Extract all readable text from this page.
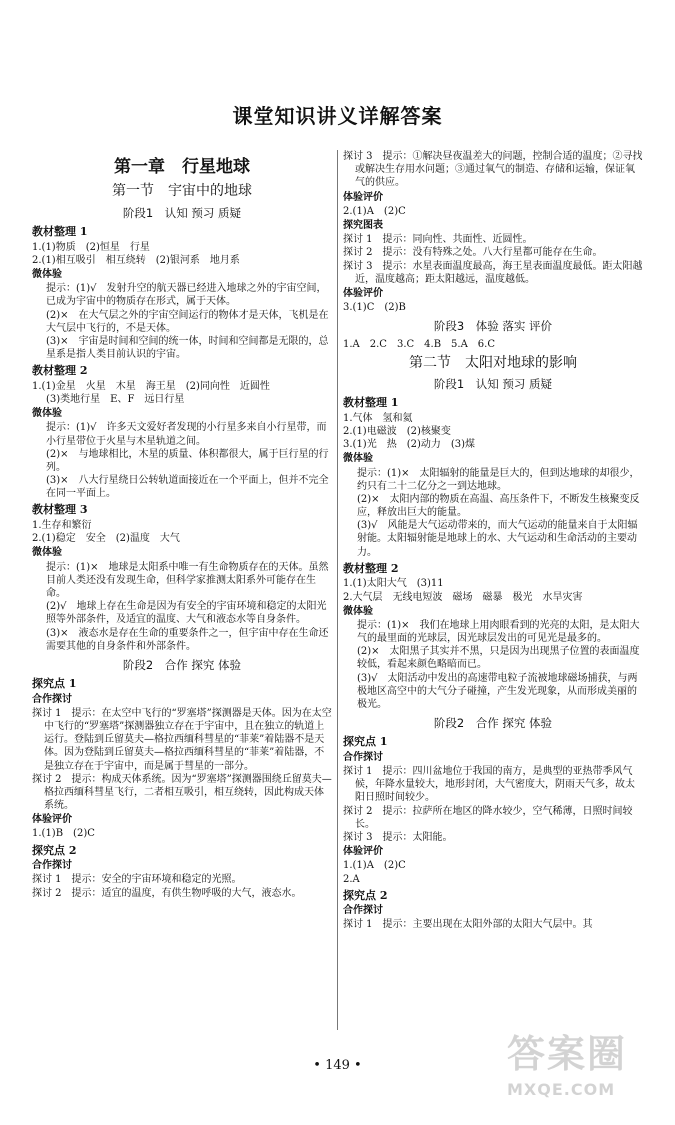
课堂知识讲义详解答案
第一章　行星地球
第一节　宇宙中的地球
阶段1　认知 预习 质疑
教材整理 1

1.(1)物质　(2)恒星　行星

2.(1)相互吸引　相互绕转　(2)银河系　地月系

微体验

提示：(1)√　发射升空的航天器已经进入地球之外的宇宙空间，已成为宇宙中的物质存在形式，属于天体。

(2)×　在大气层之外的宇宙空间运行的物体才是天体，飞机是在大气层中飞行的，不是天体。

(3)×　宇宙是时间和空间的统一体，时间和空间都是无限的，总星系是指人类目前认识的宇宙。

教材整理 2

1.(1)金星　火星　木星　海王星　(2)同向性　近圆性

(3)类地行星　E、F　远日行星

微体验

提示：(1)√　许多天文爱好者发现的小行星多来自小行星带，而小行星带位于火星与木星轨道之间。

(2)×　与地球相比，木星的质量、体积都很大，属于巨行星的行列。

(3)×　八大行星绕日公转轨道面接近在一个平面上，但并不完全在同一平面上。

教材整理 3

1.生存和繁衍

2.(1)稳定　安全　(2)温度　大气

微体验

提示：(1)×　地球是太阳系中唯一有生命物质存在的天体。虽然目前人类还没有发现生命，但科学家推测太阳系外可能存在生命。

(2)√　地球上存在生命是因为有安全的宇宙环境和稳定的太阳光照等外部条件，及适宜的温度、大气和液态水等自身条件。

(3)×　液态水是存在生命的重要条件之一，但宇宙中存在生命还需要其他的自身条件和外部条件。

阶段2　合作 探究 体验
探究点 1
合作探讨

探讨 1　提示：在太空中飞行的“罗塞塔”探测器是天体。因为在太空中飞行的“罗塞塔”探测器独立存在于宇宙中，且在独立的轨道上运行。登陆到丘留莫夫—格拉西缅科彗星的“菲莱”着陆器不是天体。因为登陆到丘留莫夫—格拉西缅科彗星的“菲莱”着陆器，不是独立存在于宇宙中，而是属于彗星的一部分。

探讨 2　提示：构成天体系统。因为“罗塞塔”探测器围绕丘留莫夫—格拉西缅科彗星飞行，二者相互吸引，相互绕转，因此构成天体系统。

体验评价

1.(1)B　(2)C

探究点 2
合作探讨

探讨 1　提示：安全的宇宙环境和稳定的光照。

探讨 2　提示：适宜的温度，有供生物呼吸的大气，液态水。

探讨 3　提示：①解决昼夜温差大的问题，控制合适的温度；②寻找或解决生存用水问题；③通过氧气的制造、存储和运输，保证氧气的供应。

体验评价

2.(1)A　(2)C

探究图表

探讨 1　提示：同向性、共面性、近圆性。

探讨 2　提示：没有特殊之处。八大行星都可能存在生命。

探讨 3　提示：水星表面温度最高，海王星表面温度最低。距太阳越近，温度越高；距太阳越远，温度越低。

体验评价

3.(1)C　(2)B

阶段3　体验 落实 评价

1.A　2.C　3.C　4.B　5.A　6.C

第二节　太阳对地球的影响
阶段1　认知 预习 质疑
教材整理 1

1.气体　氢和氦

2.(1)电磁波　(2)核聚变

3.(1)光　热　(2)动力　(3)煤

微体验

提示：(1)×　太阳辐射的能量是巨大的，但到达地球的却很少，约只有二十二亿分之一到达地球。

(2)×　太阳内部的物质在高温、高压条件下，不断发生核聚变反应，释放出巨大的能量。

(3)√　风能是大气运动带来的，而大气运动的能量来自于太阳辐射能。太阳辐射能是地球上的水、大气运动和生命活动的主要动力。

教材整理 2

1.(1)太阳大气　(3)11

2.大气层　无线电短波　磁场　磁暴　极光　水旱灾害

微体验

提示：(1)×　我们在地球上用肉眼看到的光亮的太阳，是太阳大气的最里面的光球层，因光球层发出的可见光是最多的。

(2)×　太阳黑子其实并不黑，只是因为出现黑子位置的表面温度较低，看起来颜色略暗而已。

(3)√　太阳活动中发出的高速带电粒子流被地球磁场捕获，与两极地区高空中的大气分子碰撞，产生发光现象，从而形成美丽的极光。

阶段2　合作 探究 体验
探究点 1
合作探讨

探讨 1　提示：四川盆地位于我国的南方，是典型的亚热带季风气候，年降水量较大，地形封闭，大气密度大，阴雨天气多，故太阳日照时间较少。

探讨 2　提示：拉萨所在地区的降水较少，空气稀薄，日照时间较长。

探讨 3　提示：太阳能。

体验评价

1.(1)A　(2)C

2.A

探究点 2
合作探讨

探讨 1　提示：主要出现在太阳外部的太阳大气层中。其

• 149 •	答案圈
MXQE.COM
